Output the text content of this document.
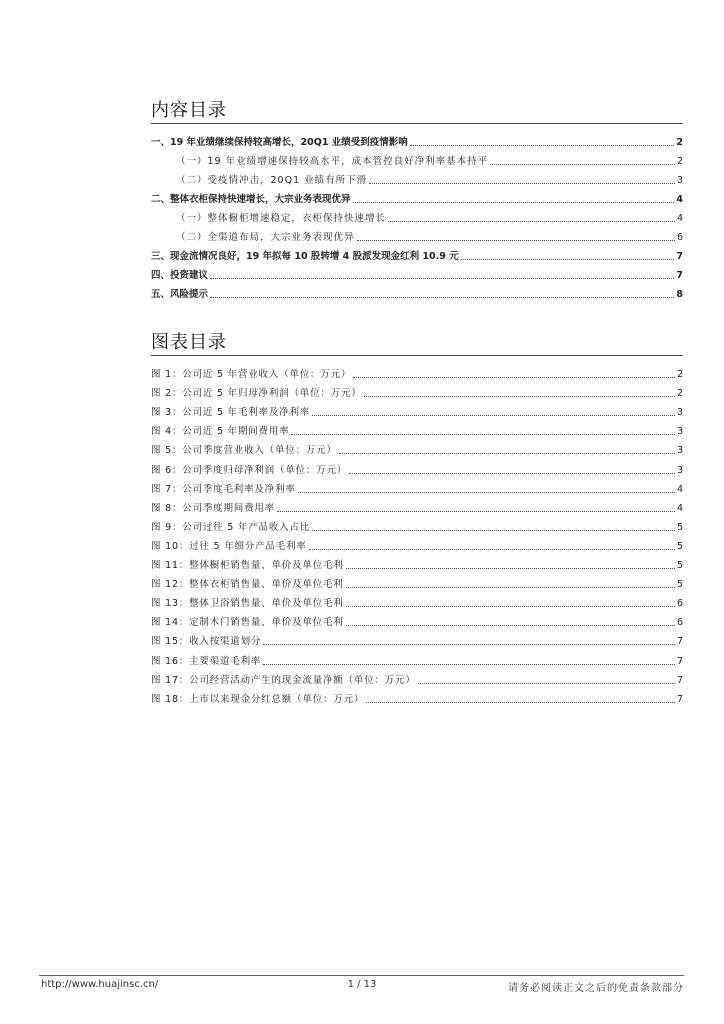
内容目录
一、19 年业绩继续保持较高增长，20Q1 业绩受到疫情影响	2
（一）19 年业绩增速保持较高水平，成本管控良好净利率基本持平	2
（二）受疫情冲击，20Q1 业绩有所下滑	3
二、整体衣柜保持快速增长，大宗业务表现优异	4
（一）整体橱柜增速稳定，衣柜保持快速增长	4
（二）全渠道布局，大宗业务表现优异	6
三、现金流情况良好，19 年拟每 10 股转增 4 股派发现金红利 10.9 元	7
四、投资建议	7
五、风险提示	8
图表目录
图 1：公司近 5 年营业收入（单位：万元）	2
图 2：公司近 5 年归母净利润（单位：万元）	2
图 3：公司近 5 年毛利率及净利率	3
图 4：公司近 5 年期间费用率	3
图 5：公司季度营业收入（单位：万元）	3
图 6：公司季度归母净利润（单位：万元）	3
图 7：公司季度毛利率及净利率	4
图 8：公司季度期间费用率	4
图 9：公司过往 5 年产品收入占比	5
图 10：过往 5 年细分产品毛利率	5
图 11：整体橱柜销售量、单价及单位毛利	5
图 12：整体衣柜销售量、单价及单位毛利	5
图 13：整体卫浴销售量、单价及单位毛利	6
图 14：定制木门销售量、单价及单位毛利	6
图 15：收入按渠道划分	7
图 16：主要渠道毛利率	7
图 17：公司经营活动产生的现金流量净额（单位：万元）	7
图 18：上市以来现金分红总额（单位：万元）	7
http://www.huajinsc.cn/	1 / 13	请务必阅读正文之后的免责条款部分
